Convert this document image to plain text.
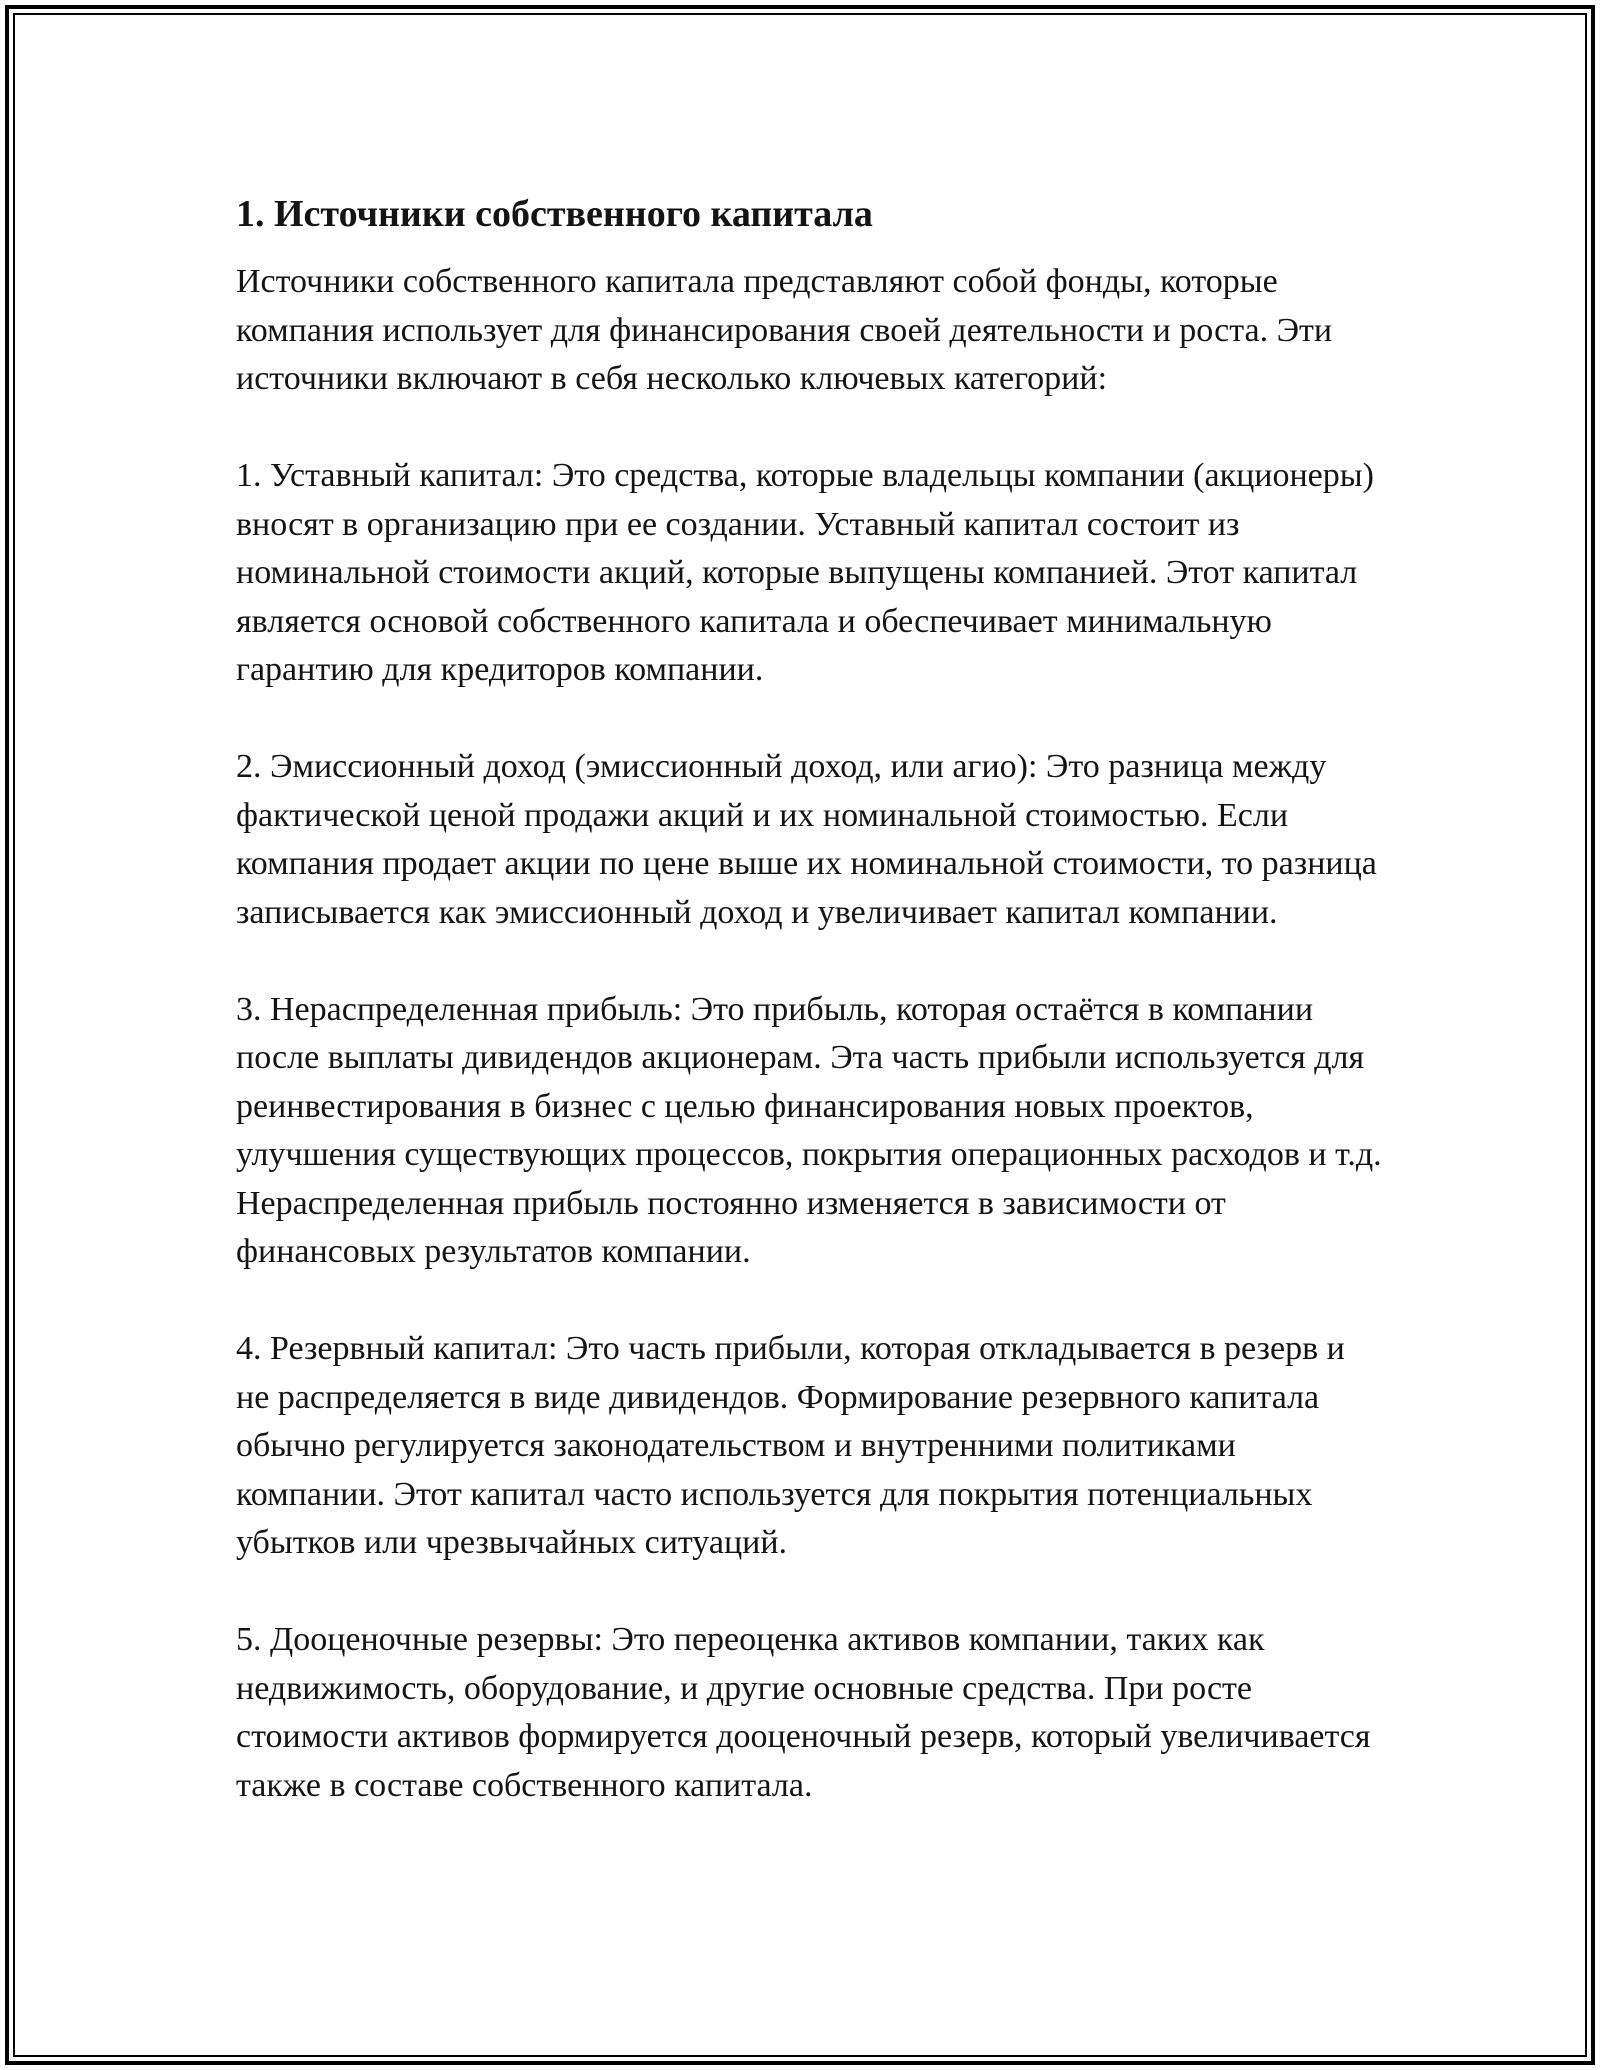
1. Источники собственного капитала

Источники собственного капитала представляют собой фонды, которые компания использует для финансирования своей деятельности и роста. Эти источники включают в себя несколько ключевых категорий:

1. Уставный капитал: Это средства, которые владельцы компании (акционеры) вносят в организацию при ее создании. Уставный капитал состоит из номинальной стоимости акций, которые выпущены компанией. Этот капитал является основой собственного капитала и обеспечивает минимальную гарантию для кредиторов компании.

2. Эмиссионный доход (эмиссионный доход, или агио): Это разница между фактической ценой продажи акций и их номинальной стоимостью. Если компания продает акции по цене выше их номинальной стоимости, то разница записывается как эмиссионный доход и увеличивает капитал компании.

3. Нераспределенная прибыль: Это прибыль, которая остаётся в компании после выплаты дивидендов акционерам. Эта часть прибыли используется для реинвестирования в бизнес с целью финансирования новых проектов, улучшения существующих процессов, покрытия операционных расходов и т.д. Нераспределенная прибыль постоянно изменяется в зависимости от финансовых результатов компании.

4. Резервный капитал: Это часть прибыли, которая откладывается в резерв и не распределяется в виде дивидендов. Формирование резервного капитала обычно регулируется законодательством и внутренними политиками компании. Этот капитал часто используется для покрытия потенциальных убытков или чрезвычайных ситуаций.

5. Дооценочные резервы: Это переоценка активов компании, таких как недвижимость, оборудование, и другие основные средства. При росте стоимости активов формируется дооценочный резерв, который увеличивается также в составе собственного капитала.
